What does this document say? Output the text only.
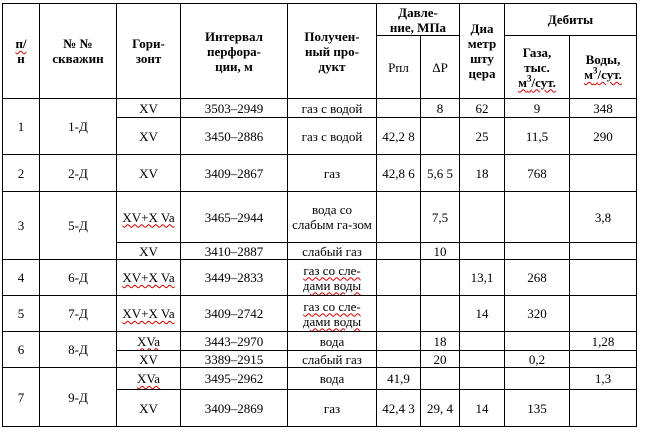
п/
н	№ №
скважин	Гори-
зонт	Интервал
перфора-
ции, м	Получен-
ный про-
дукт	Давле-
ние, МПа		Диа
метр
шту
цера	Дебиты	
					Pпл	ΔP		Газа,
тыс.
$м^3$/сут.	Воды,
$м^3$/сут.
1	1-Д	XV	3503–2949	газ с водой		8	62	9	348
		XV	3450–2886	газ с водой	42,2 8		25	11,5	290
2	2-Д	XV	3409–2867	газ	42,8 6	5,6 5	18	768	
3	5-Д	XV+X Va	3465–2944	вода со слабым га-зом		7,5			3,8
		XV	3410–2887	слабый газ		10			
4	6-Д	XV+X Va	3449–2833	газ со сле-дами воды			13,1	268	
5	7-Д	XV+X Va	3409–2742	газ со сле-дами воды			14	320	
6	8-Д	XVa	3443–2970	вода		18			1,28
		XV	3389–2915	слабый газ		20		0,2	
7	9-Д	XVa	3495–2962	вода	41,9				1,3
		XV	3409–2869	газ	42,4 3	29, 4	14	135	
